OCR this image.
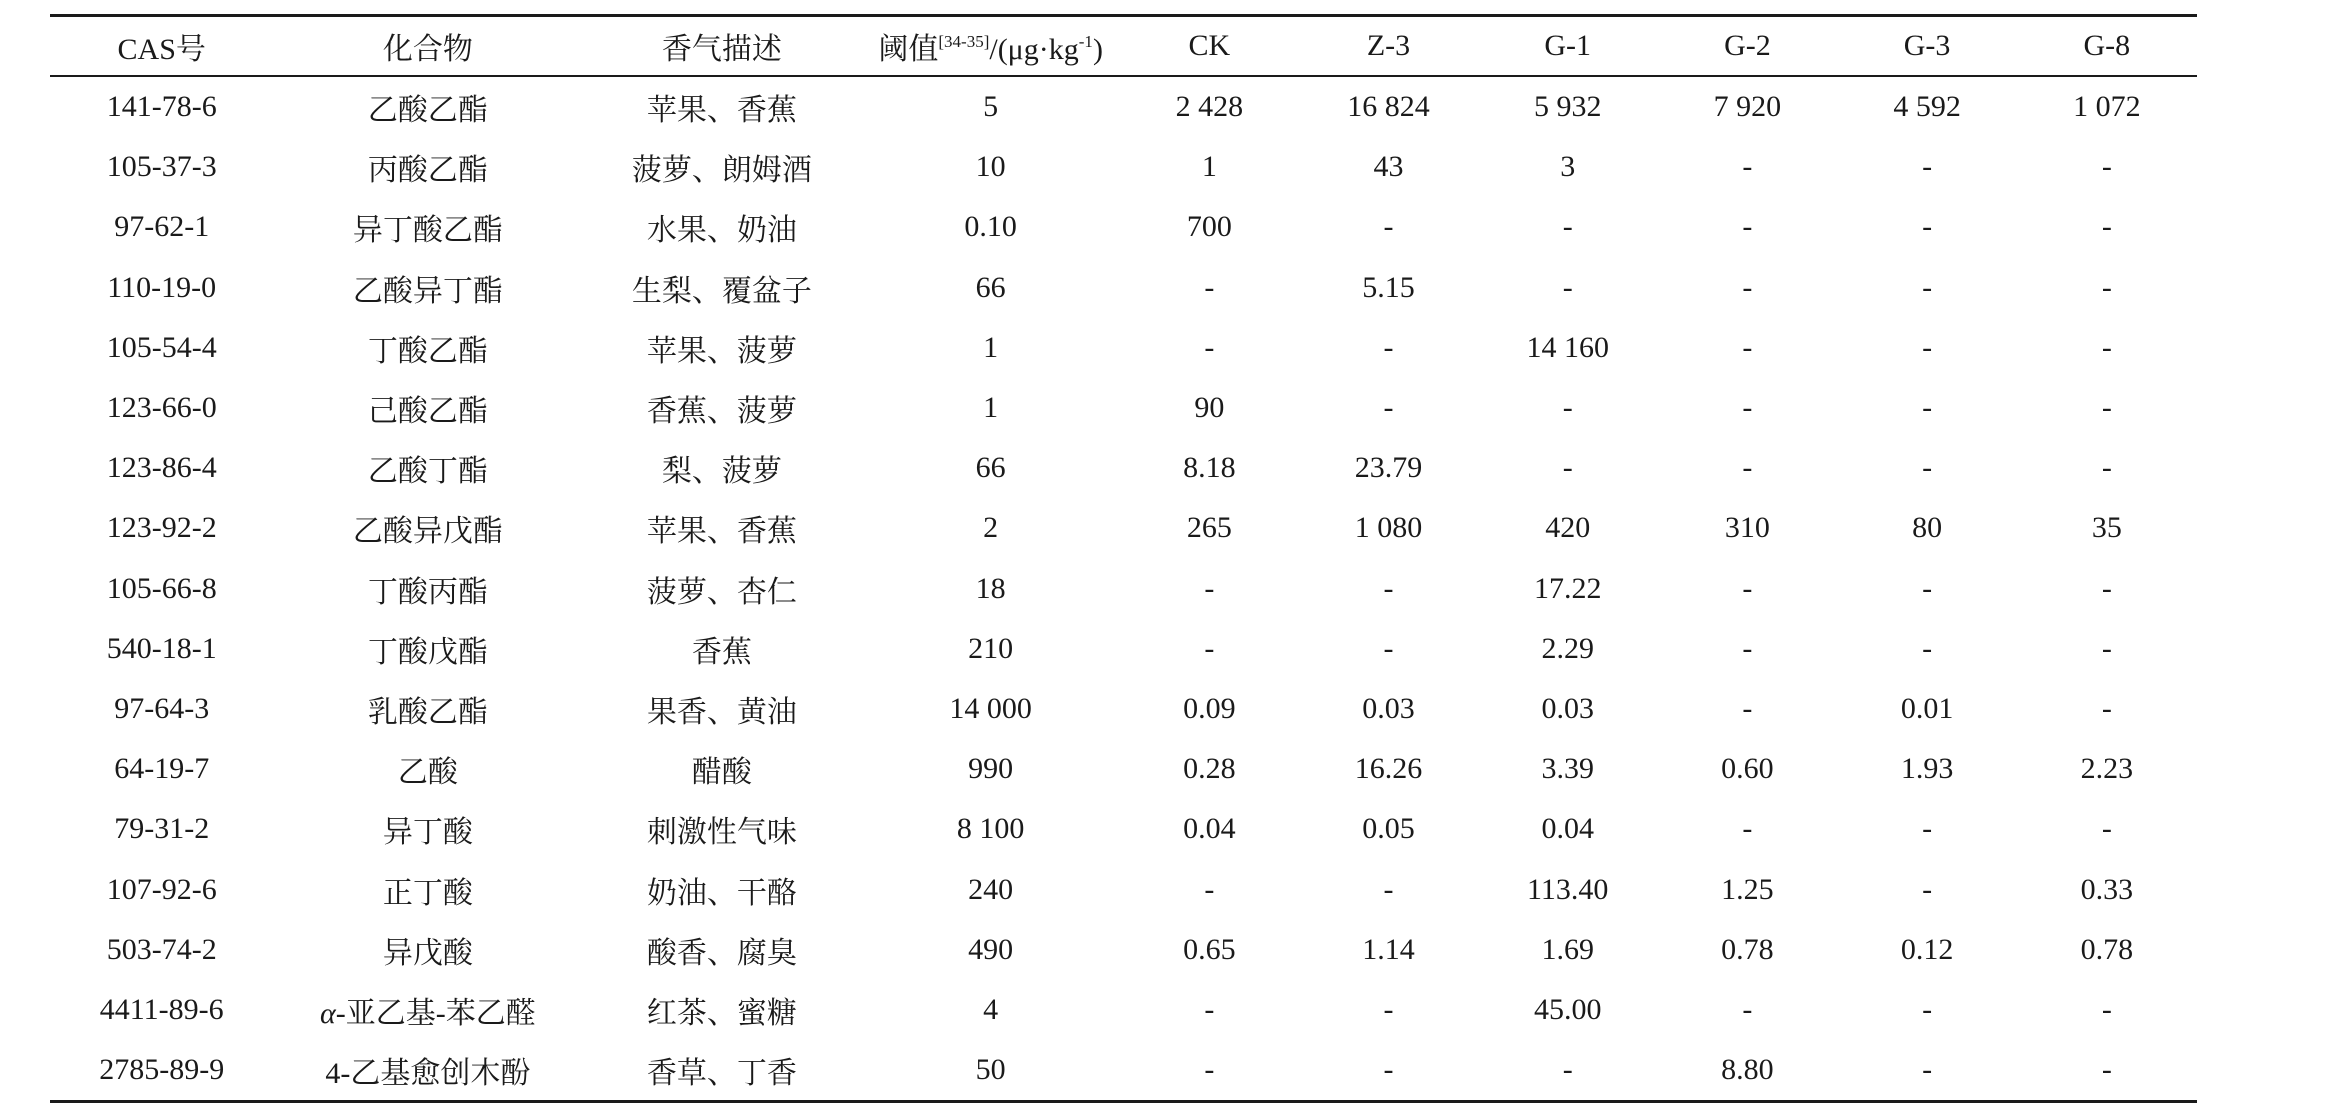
CAS号	化合物	香气描述	阈值$[34-35]/(\mu g\cdot kg^{-1})$	CK	Z-3	G-1	G-2	G-3	G-8
141-78-6	乙酸乙酯	苹果、香蕉	5	2 428	16 824	5 932	7 920	4 592	1 072
105-37-3	丙酸乙酯	菠萝、朗姆酒	10	1	43	3	-	-	-
97-62-1	异丁酸乙酯	水果、奶油	0.10	700	-	-	-	-	-
110-19-0	乙酸异丁酯	生梨、覆盆子	66	-	5.15	-	-	-	-
105-54-4	丁酸乙酯	苹果、菠萝	1	-	-	14 160	-	-	-
123-66-0	己酸乙酯	香蕉、菠萝	1	90	-	-	-	-	-
123-86-4	乙酸丁酯	梨、菠萝	66	8.18	23.79	-	-	-	-
123-92-2	乙酸异戊酯	苹果、香蕉	2	265	1 080	420	310	80	35
105-66-8	丁酸丙酯	菠萝、杏仁	18	-	-	17.22	-	-	-
540-18-1	丁酸戊酯	香蕉	210	-	-	2.29	-	-	-
97-64-3	乳酸乙酯	果香、黄油	14 000	0.09	0.03	0.03	-	0.01	-
64-19-7	乙酸	醋酸	990	0.28	16.26	3.39	0.60	1.93	2.23
79-31-2	异丁酸	刺激性气味	8 100	0.04	0.05	0.04	-	-	-
107-92-6	正丁酸	奶油、干酪	240	-	-	113.40	1.25	-	0.33
503-74-2	异戊酸	酸香、腐臭	490	0.65	1.14	1.69	0.78	0.12	0.78
4411-89-6	α-亚乙基-苯乙醛	红茶、蜜糖	4	-	-	45.00	-	-	-
2785-89-9	4-乙基愈创木酚	香草、丁香	50	-	-	-	8.80	-	-
